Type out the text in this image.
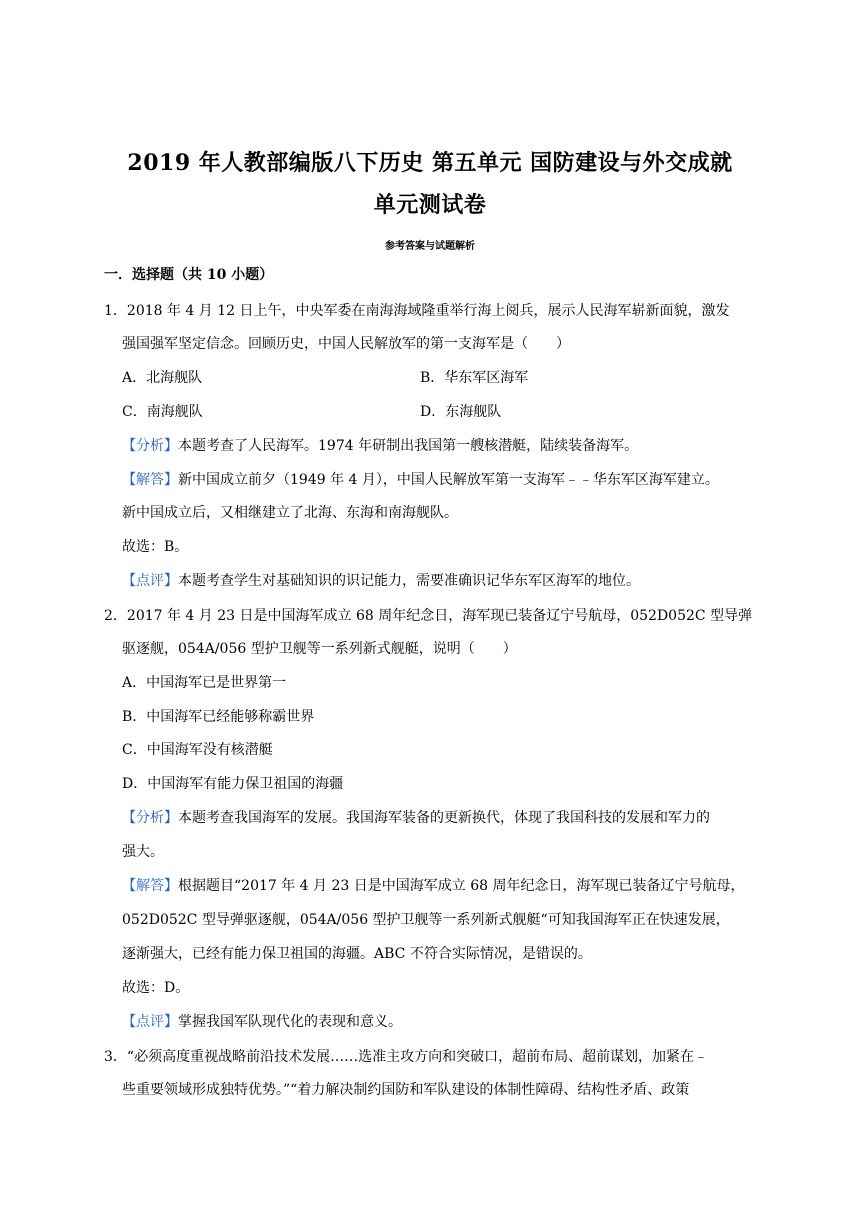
2019 年人教部编版八下历史 第五单元 国防建设与外交成就
单元测试卷
参考答案与试题解析
一．选择题（共 10 小题）
1．2018 年 4 月 12 日上午，中央军委在南海海域隆重举行海上阅兵，展示人民海军崭新面貌，激发
强国强军坚定信念。回顾历史，中国人民解放军的第一支海军是（　　）
A．北海舰队	B．华东军区海军
C．南海舰队	D．东海舰队
【分析】本题考查了人民海军。1974 年研制出我国第一艘核潜艇，陆续装备海军。
【解答】新中国成立前夕（1949 年 4 月），中国人民解放军第一支海军﹣﹣华东军区海军建立。
新中国成立后，又相继建立了北海、东海和南海舰队。
故选：B。
【点评】本题考查学生对基础知识的识记能力，需要准确识记华东军区海军的地位。
2．2017 年 4 月 23 日是中国海军成立 68 周年纪念日，海军现已装备辽宁号航母，052D052C 型导弹
驱逐舰，054A/056 型护卫舰等一系列新式舰艇，说明（　　）
A．中国海军已是世界第一
B．中国海军已经能够称霸世界
C．中国海军没有核潜艇
D．中国海军有能力保卫祖国的海疆
【分析】本题考查我国海军的发展。我国海军装备的更新换代，体现了我国科技的发展和军力的
强大。
【解答】根据题目“2017 年 4 月 23 日是中国海军成立 68 周年纪念日，海军现已装备辽宁号航母，
052D052C 型导弹驱逐舰，054A/056 型护卫舰等一系列新式舰艇“可知我国海军正在快速发展，
逐渐强大，已经有能力保卫祖国的海疆。ABC 不符合实际情况，是错误的。
故选：D。
【点评】掌握我国军队现代化的表现和意义。
3．“必须高度重视战略前沿技术发展……选准主攻方向和突破口，超前布局、超前谋划，加紧在﹣
些重要领域形成独特优势。”“着力解决制约国防和军队建设的体制性障碍、结构性矛盾、政策
